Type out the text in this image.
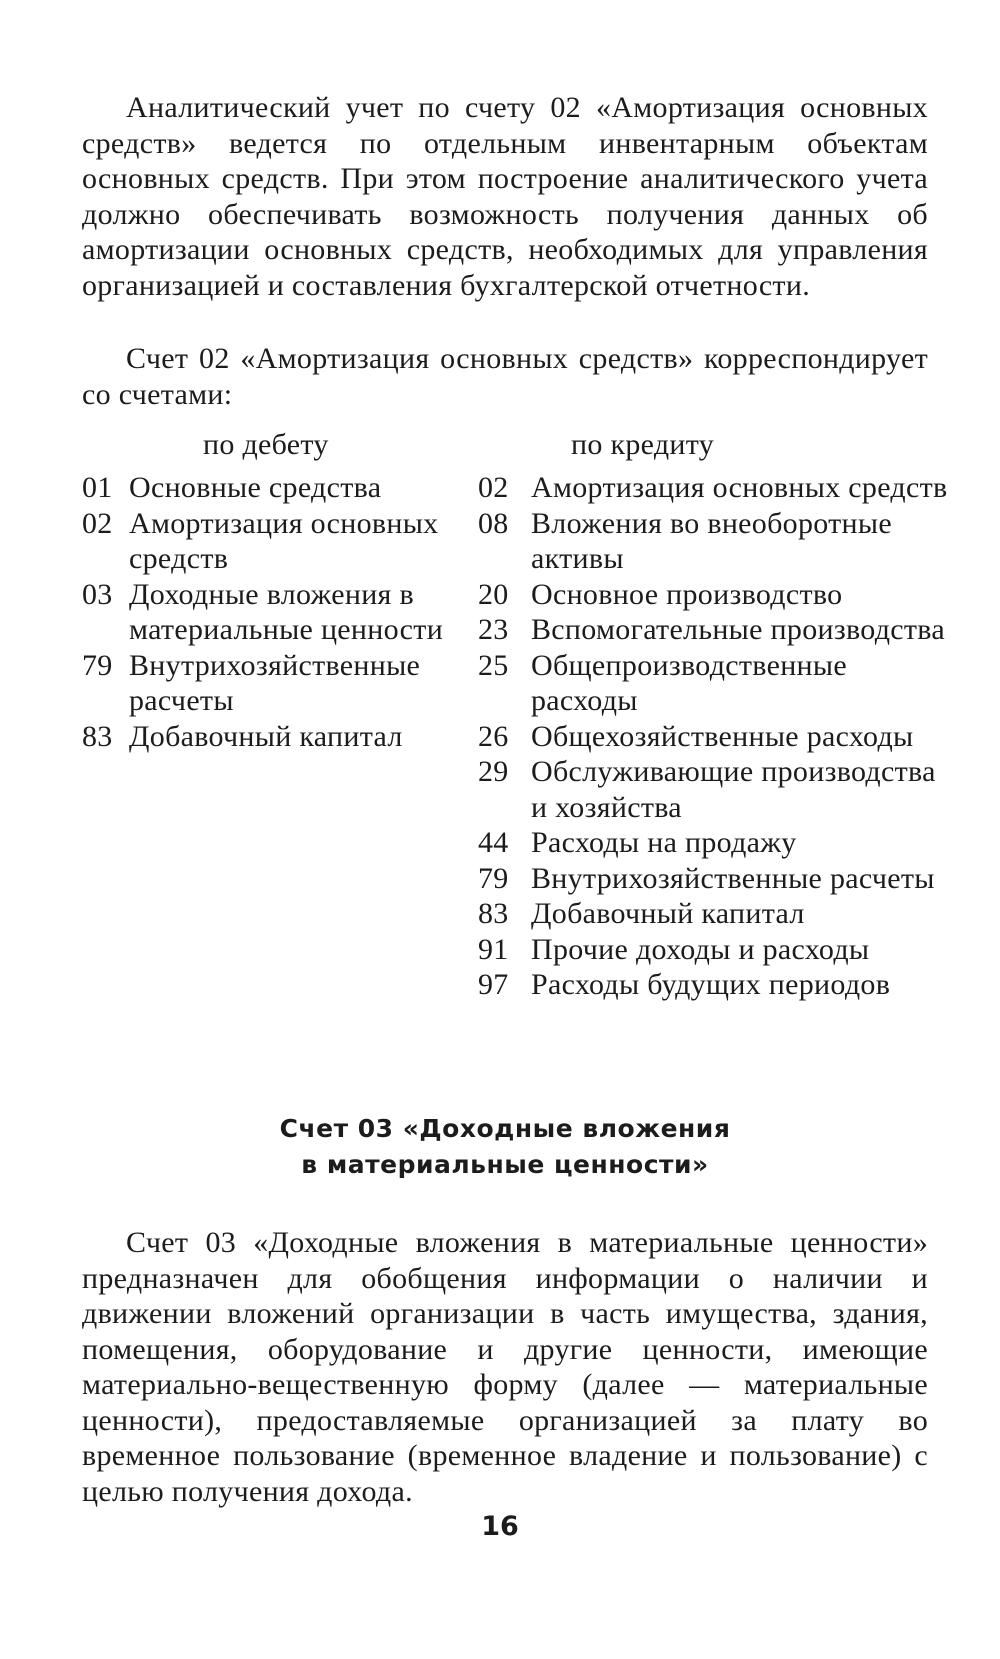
Аналитический учет по счету 02 «Амортизация основных средств» ведется по отдельным инвентарным объектам основных средств. При этом построение аналитического учета должно обеспечивать возможность получения данных об амортизации основных средств, необходимых для управления организацией и составления бухгалтерской отчетности.

Счет 02 «Амортизация основных средств» корреспондирует со счетами:

по дебету	по кредиту

01 Основные средства
02 Амортизация основных средств
03 Доходные вложения в материальные ценности
79 Внутрихозяйственные расчеты
83 Добавочный капитал
02 Амортизация основных средств
08 Вложения во внеоборотные активы
20 Основное производство
23 Вспомогательные производства
25 Общепроизводственные расходы
26 Общехозяйственные расходы
29 Обслуживающие производства и хозяйства
44 Расходы на продажу
79 Внутрихозяйственные расчеты
83 Добавочный капитал
91 Прочие доходы и расходы
97 Расходы будущих периодов
Счет 03 «Доходные вложения
в материальные ценности»

Счет 03 «Доходные вложения в материальные ценности» предназначен для обобщения информации о наличии и движении вложений организации в часть имущества, здания, помещения, оборудование и другие ценности, имеющие материально-вещественную форму (далее — материальные ценности), предоставляемые организацией за плату во временное пользование (временное владение и пользование) с целью получения дохода.

16
